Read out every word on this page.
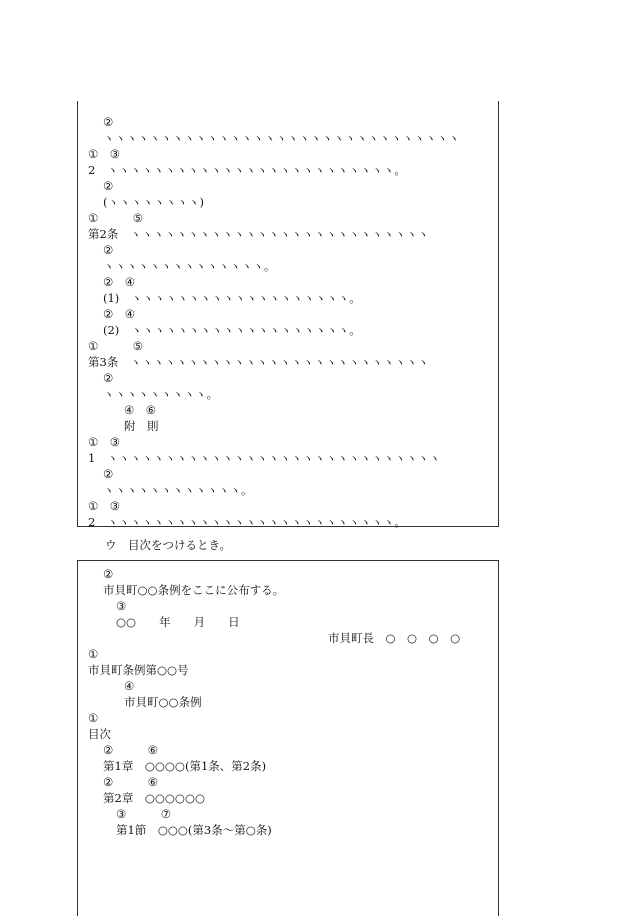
②
ヽヽヽヽヽヽヽヽヽヽヽヽヽヽヽヽヽヽヽヽヽヽヽヽヽヽヽヽヽヽヽ
①　③
2　ヽヽヽヽヽヽヽヽヽヽヽヽヽヽヽヽヽヽヽヽヽヽヽヽヽ。
②
(ヽヽヽヽヽヽヽヽ)
①　　　⑤
第2条　ヽヽヽヽヽヽヽヽヽヽヽヽヽヽヽヽヽヽヽヽヽヽヽヽヽヽ
②
ヽヽヽヽヽヽヽヽヽヽヽヽヽヽ。
②　④
(1)　ヽヽヽヽヽヽヽヽヽヽヽヽヽヽヽヽヽヽヽ。
②　④
(2)　ヽヽヽヽヽヽヽヽヽヽヽヽヽヽヽヽヽヽヽ。
①　　　⑤
第3条　ヽヽヽヽヽヽヽヽヽヽヽヽヽヽヽヽヽヽヽヽヽヽヽヽヽヽ
②
ヽヽヽヽヽヽヽヽヽ。
④　⑥
附　則
①　③
1　ヽヽヽヽヽヽヽヽヽヽヽヽヽヽヽヽヽヽヽヽヽヽヽヽヽヽヽヽヽ
②
ヽヽヽヽヽヽヽヽヽヽヽヽ。
①　③
2　ヽヽヽヽヽヽヽヽヽヽヽヽヽヽヽヽヽヽヽヽヽヽヽヽヽ。
ウ　目次をつけるとき。
②
市貝町○○条例をここに公布する。
③
○○　　年　　月　　日
市貝町長　○　○　○　○
①
市貝町条例第○○号
④
市貝町○○条例
①
目次
②　　　⑥
第1章　○○○○(第1条、第2条)
②　　　⑥
第2章　○○○○○○
③　　　⑦
第1節　○○○(第3条～第○条)
